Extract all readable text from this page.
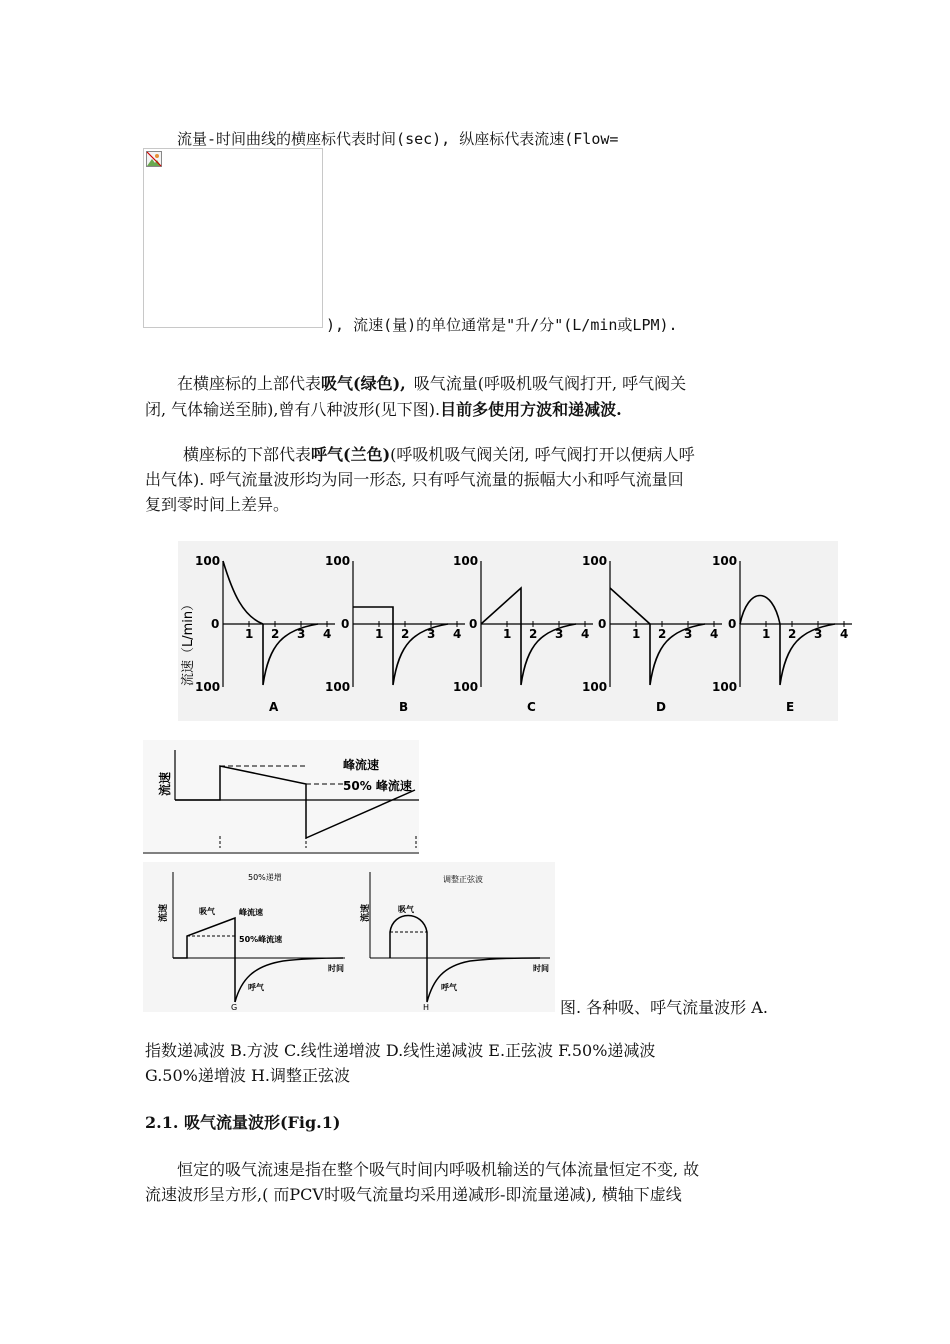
流量-时间曲线的横座标代表时间(sec), 纵座标代表流速(Flow=
), 流速(量)的单位通常是"升/分"(L/min或LPM).
在横座标的上部代表吸气(绿色), 吸气流量(呼吸机吸气阀打开, 呼气阀关
闭, 气体输送至肺),曾有八种波形(见下图).目前多使用方波和递减波.
横座标的下部代表呼气(兰色)(呼吸机吸气阀关闭, 呼气阀打开以便病人呼
出气体). 呼气流量波形均为同一形态, 只有呼气流量的振幅大小和呼气流量回
复到零时间上差异。
流速（L/min）
100
0
100
1 2 3 4
A
100
0
100
1 2 3 4
B
100
0
100
1 2 3 4
C
100
0
100
1 2 3 4
D
100
0
100
1 2 3 4
E
流速
峰流速
50% 峰流速
50%递增
流速	吸气	峰流速
50%峰流速
时间
呼气
G
调整正弦波
流速	吸气
时间
呼气
H	图. 各种吸、呼气流量波形 A.
指数递减波 B.方波 C.线性递增波 D.线性递减波 E.正弦波 F.50%递减波
G.50%递增波 H.调整正弦波
2.1. 吸气流量波形(Fig.1)
恒定的吸气流速是指在整个吸气时间内呼吸机输送的气体流量恒定不变, 故
流速波形呈方形,( 而PCV时吸气流量均采用递减形-即流量递减), 横轴下虚线
